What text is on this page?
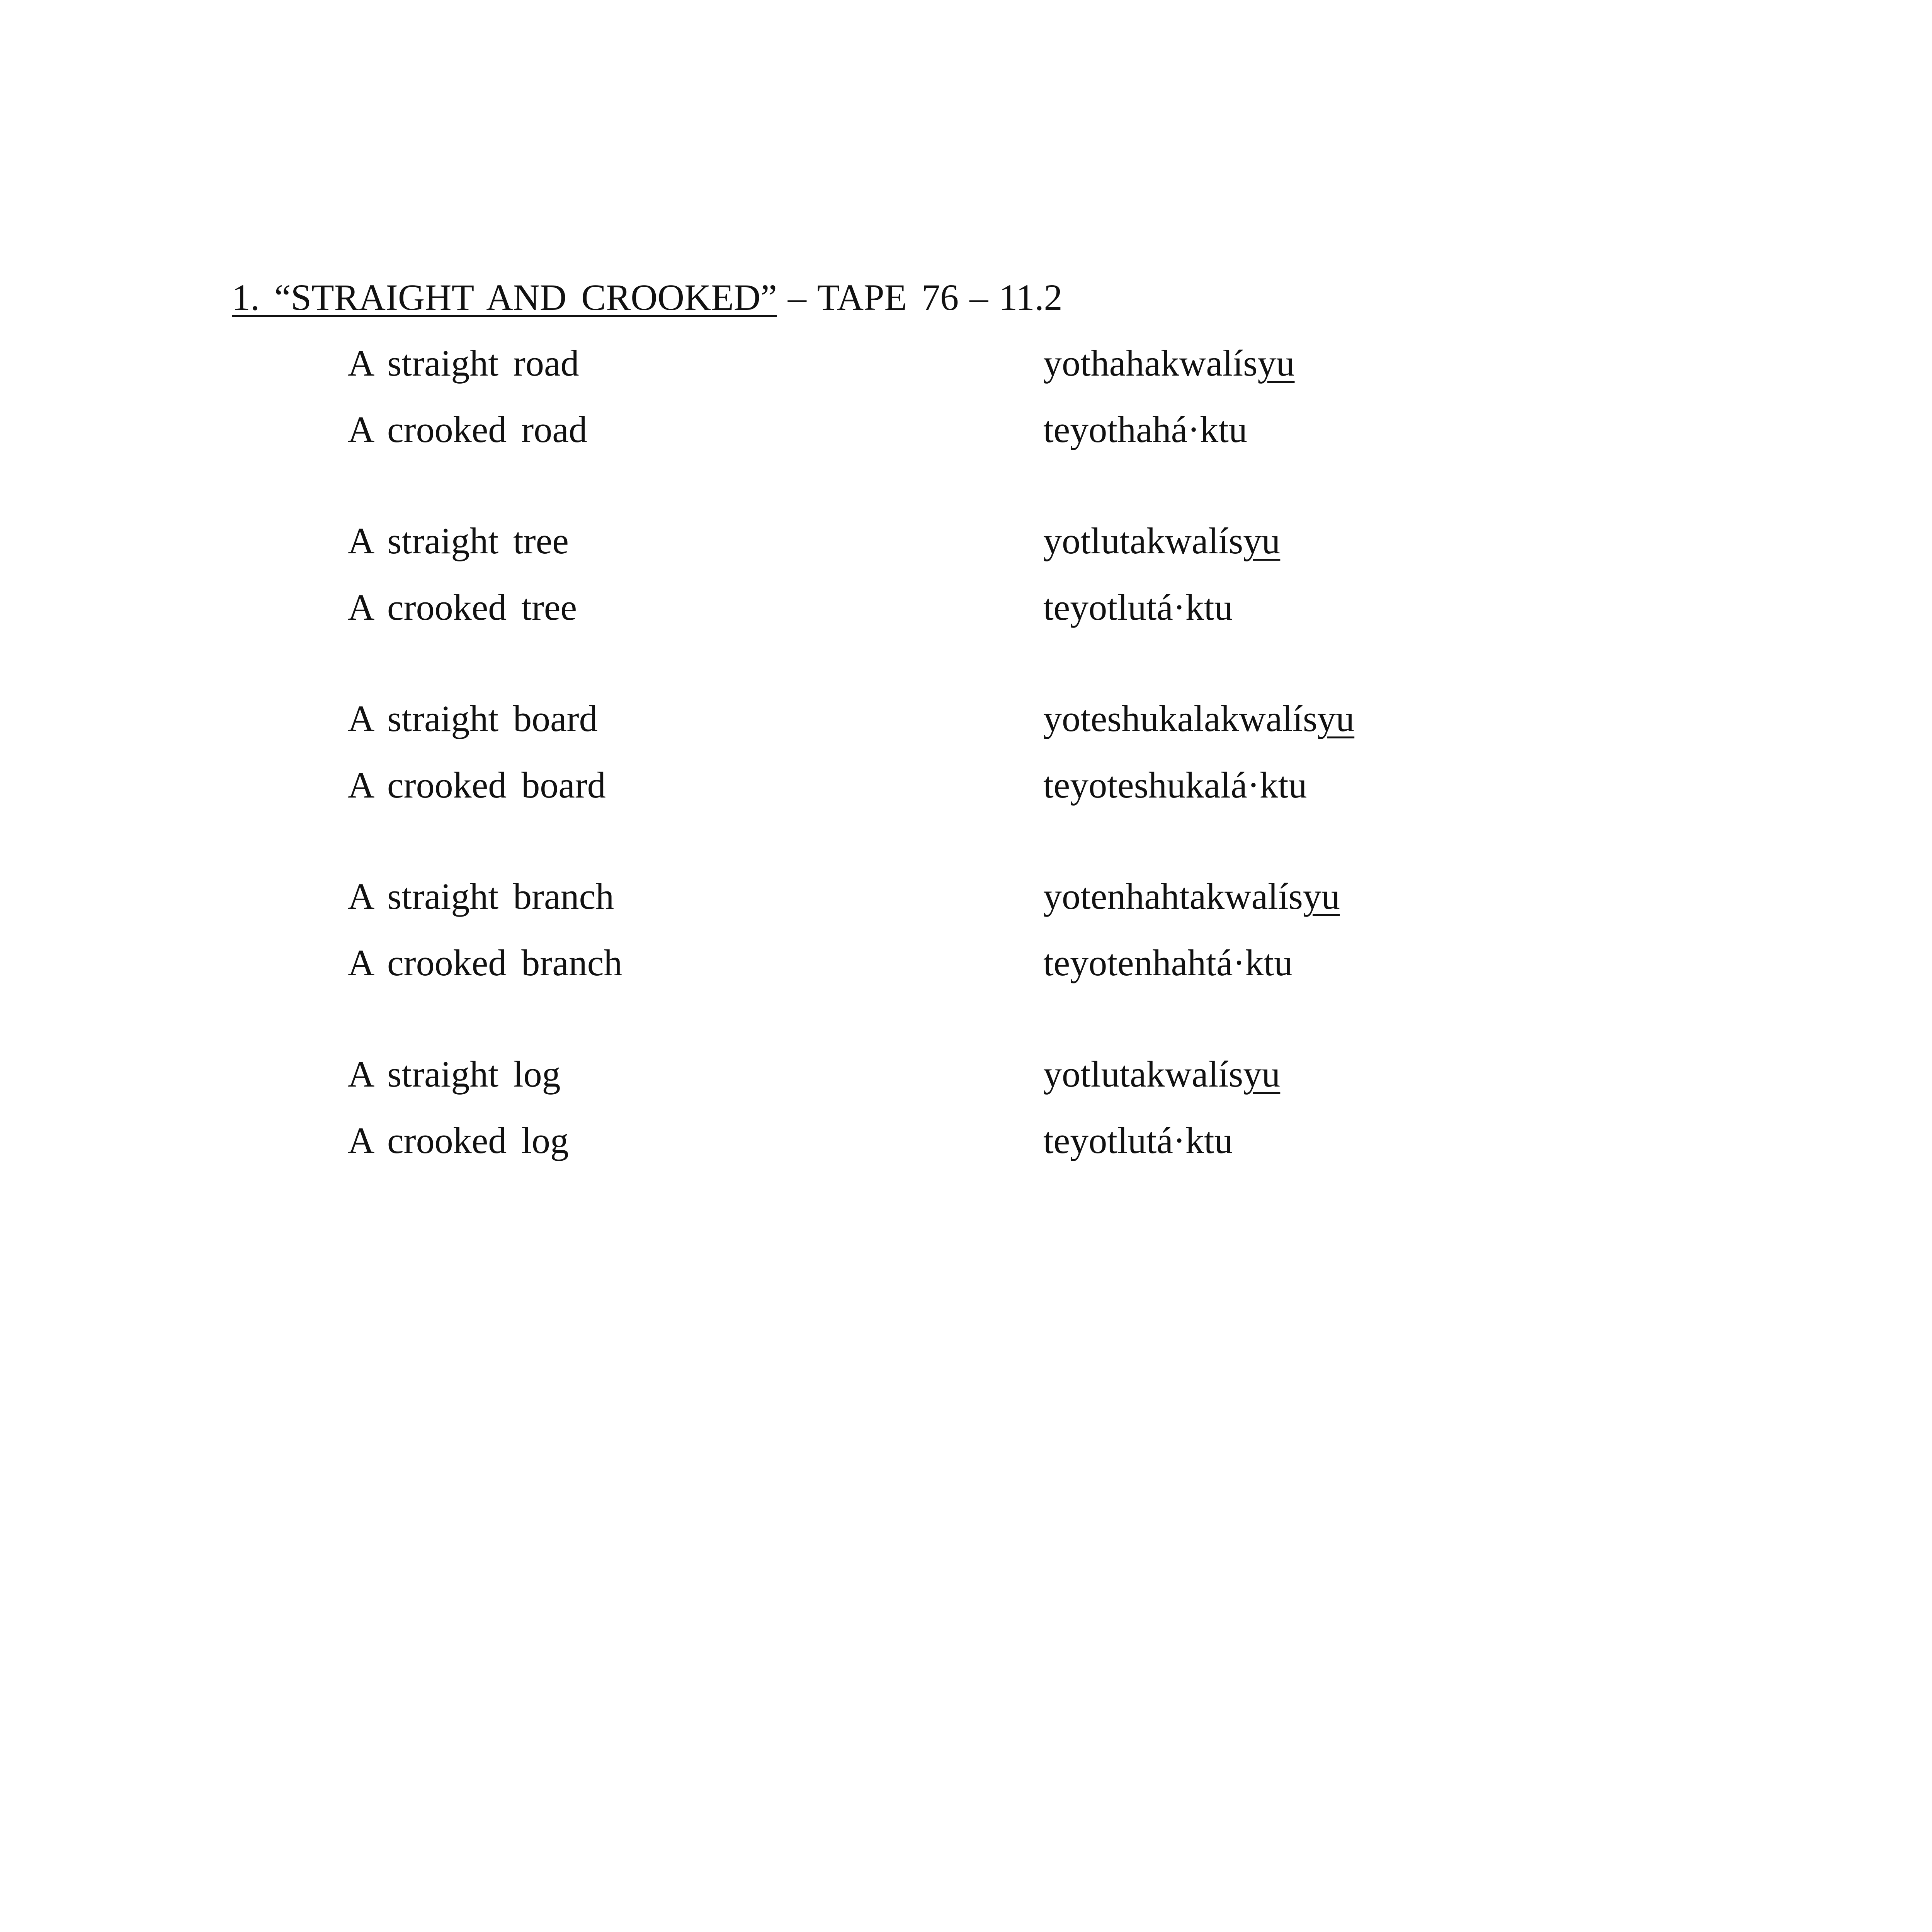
1. “STRAIGHT AND CROOKED” – TAPE 76 – 11.2
A straight road	yothahakwalísyu
A crooked road	teyothahá·ktu
A straight tree	yotlutakwalísyu
A crooked tree	teyotlutá·ktu
A straight board	yoteshukalakwalísyu
A crooked board	teyoteshukalá·ktu
A straight branch	yotenhahtakwalísyu
A crooked branch	teyotenhahtá·ktu
A straight log	yotlutakwalísyu
A crooked log	teyotlutá·ktu
